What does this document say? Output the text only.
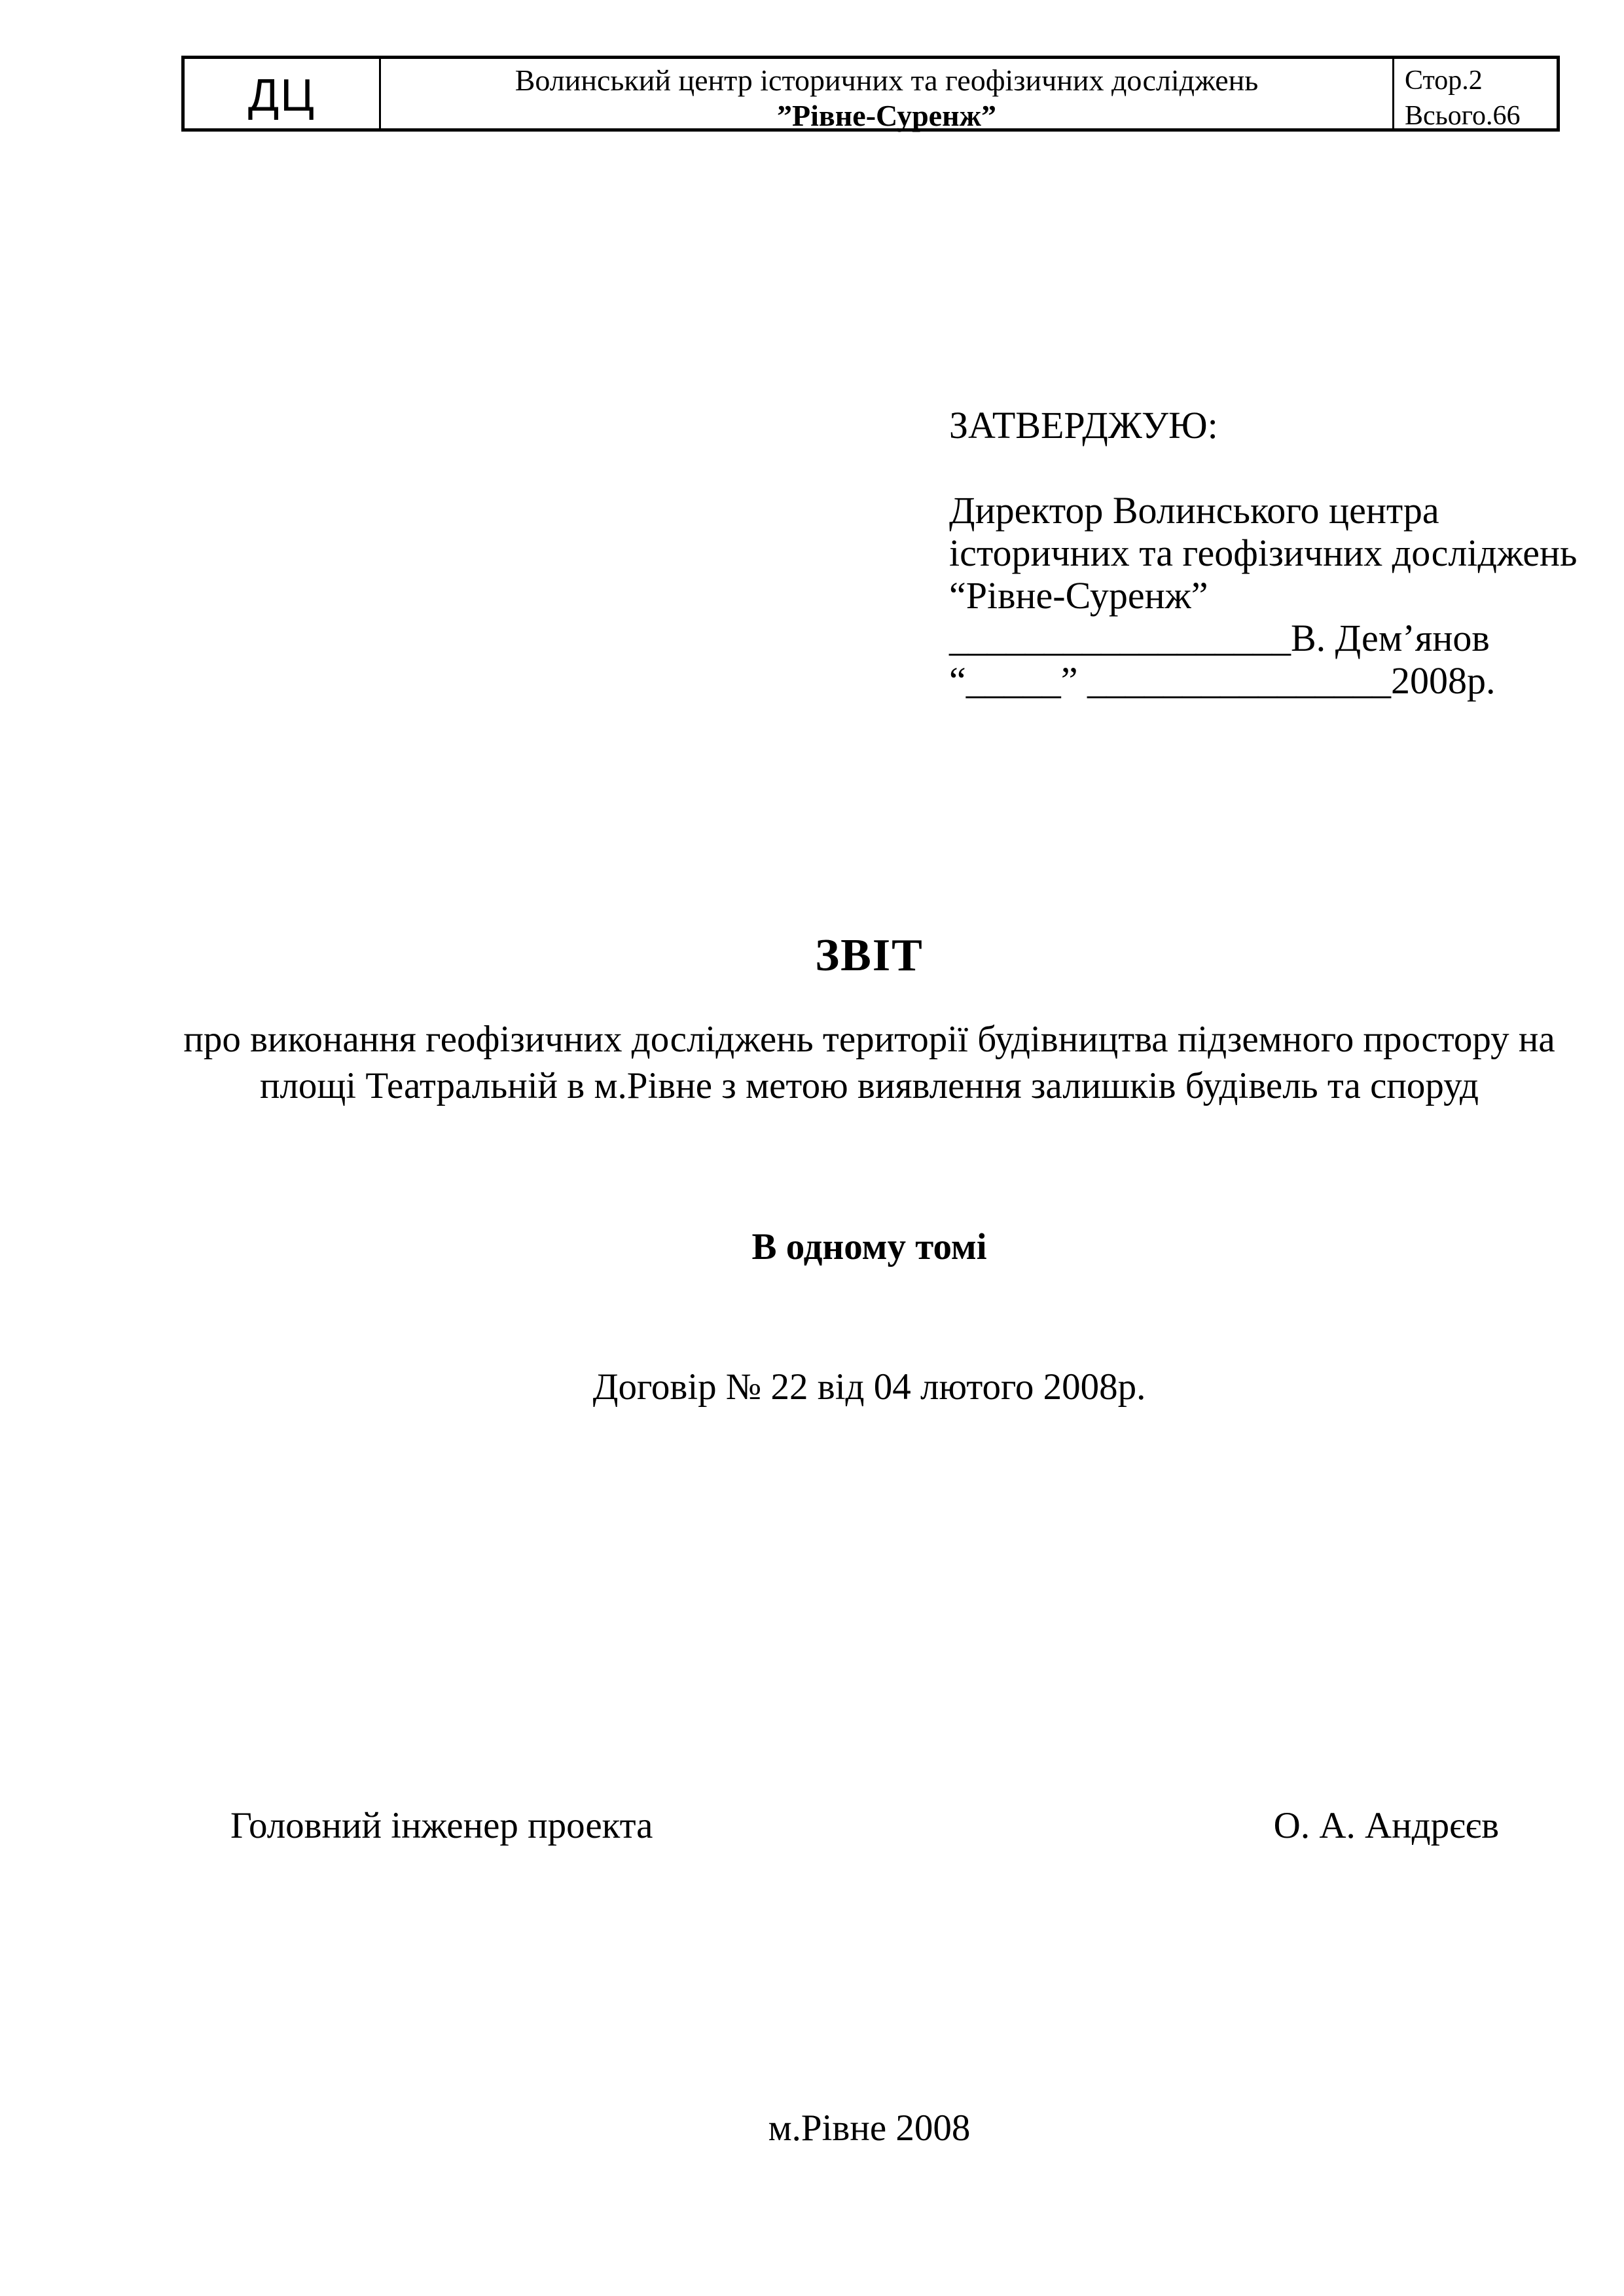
ДЦ	Волинський центр історичних та геофізичних досліджень
”Рівне-Суренж”
Стор.2
Всього.66
ЗАТВЕРДЖУЮ:
Директор Волинського центра
історичних та геофізичних досліджень
“Рівне-Суренж”
__________________В. Дем’янов
“_____” ________________2008р.
ЗВІТ
про виконання геофізичних досліджень території будівництва підземного простору на
площі Театральній в м.Рівне з метою виявлення залишків будівель та споруд
В одному томі
Договір № 22 від 04 лютого 2008р.
Головний інженер проекта	О. А. Андрєєв
м.Рівне 2008
